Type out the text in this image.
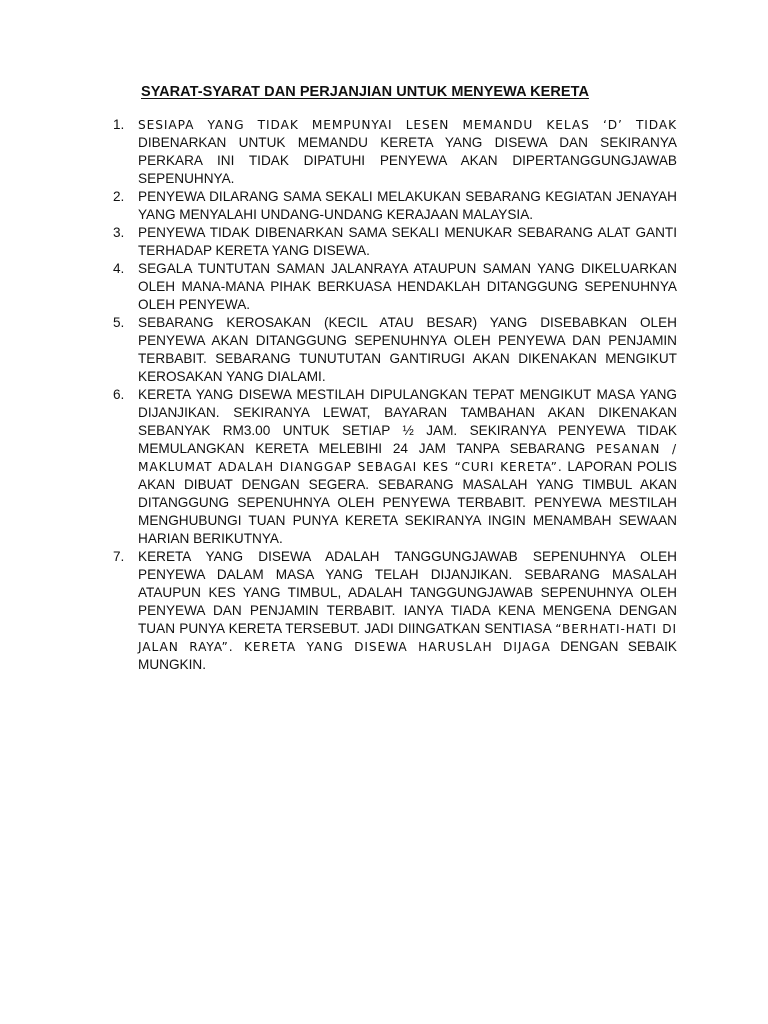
SYARAT-SYARAT DAN PERJANJIAN UNTUK MENYEWA KERETA
1.	SESIAPA YANG TIDAK MEMPUNYAI LESEN MEMANDU KELAS ‘D’ TIDAK DIBENARKAN UNTUK MEMANDU KERETA YANG DISEWA DAN SEKIRANYA PERKARA INI TIDAK DIPATUHI PENYEWA AKAN DIPERTANGGUNGJAWAB SEPENUHNYA.
2.	PENYEWA DILARANG SAMA SEKALI MELAKUKAN SEBARANG KEGIATAN JENAYAH YANG MENYALAHI UNDANG-UNDANG KERAJAAN MALAYSIA.
3.	PENYEWA TIDAK DIBENARKAN SAMA SEKALI MENUKAR SEBARANG ALAT GANTI TERHADAP KERETA YANG DISEWA.
4.	SEGALA TUNTUTAN SAMAN JALANRAYA ATAUPUN SAMAN YANG DIKELUARKAN OLEH MANA-MANA PIHAK BERKUASA HENDAKLAH DITANGGUNG SEPENUHNYA OLEH PENYEWA.
5.	SEBARANG KEROSAKAN (KECIL ATAU BESAR) YANG DISEBABKAN OLEH PENYEWA AKAN DITANGGUNG SEPENUHNYA OLEH PENYEWA DAN PENJAMIN TERBABIT. SEBARANG TUNUTUTAN GANTIRUGI AKAN DIKENAKAN MENGIKUT KEROSAKAN YANG DIALAMI.
6.	KERETA YANG DISEWA MESTILAH DIPULANGKAN TEPAT MENGIKUT MASA YANG DIJANJIKAN. SEKIRANYA LEWAT, BAYARAN TAMBAHAN AKAN DIKENAKAN SEBANYAK RM3.00 UNTUK SETIAP ½ JAM. SEKIRANYA PENYEWA TIDAK MEMULANGKAN KERETA MELEBIHI 24 JAM TANPA SEBARANG PESANAN / MAKLUMAT ADALAH DIANGGAP SEBAGAI KES “CURI KERETA”. LAPORAN POLIS AKAN DIBUAT DENGAN SEGERA. SEBARANG MASALAH YANG TIMBUL AKAN DITANGGUNG SEPENUHNYA OLEH PENYEWA TERBABIT. PENYEWA MESTILAH MENGHUBUNGI TUAN PUNYA KERETA SEKIRANYA INGIN MENAMBAH SEWAAN HARIAN BERIKUTNYA.
7.	KERETA YANG DISEWA ADALAH TANGGUNGJAWAB SEPENUHNYA OLEH PENYEWA DALAM MASA YANG TELAH DIJANJIKAN. SEBARANG MASALAH ATAUPUN KES YANG TIMBUL, ADALAH TANGGUNGJAWAB SEPENUHNYA OLEH PENYEWA DAN PENJAMIN TERBABIT. IANYA TIADA KENA MENGENA DENGAN TUAN PUNYA KERETA TERSEBUT. JADI DIINGATKAN SENTIASA “BERHATI-HATI DI JALAN RAYA”. KERETA YANG DISEWA HARUSLAH DIJAGA DENGAN SEBAIK MUNGKIN.
